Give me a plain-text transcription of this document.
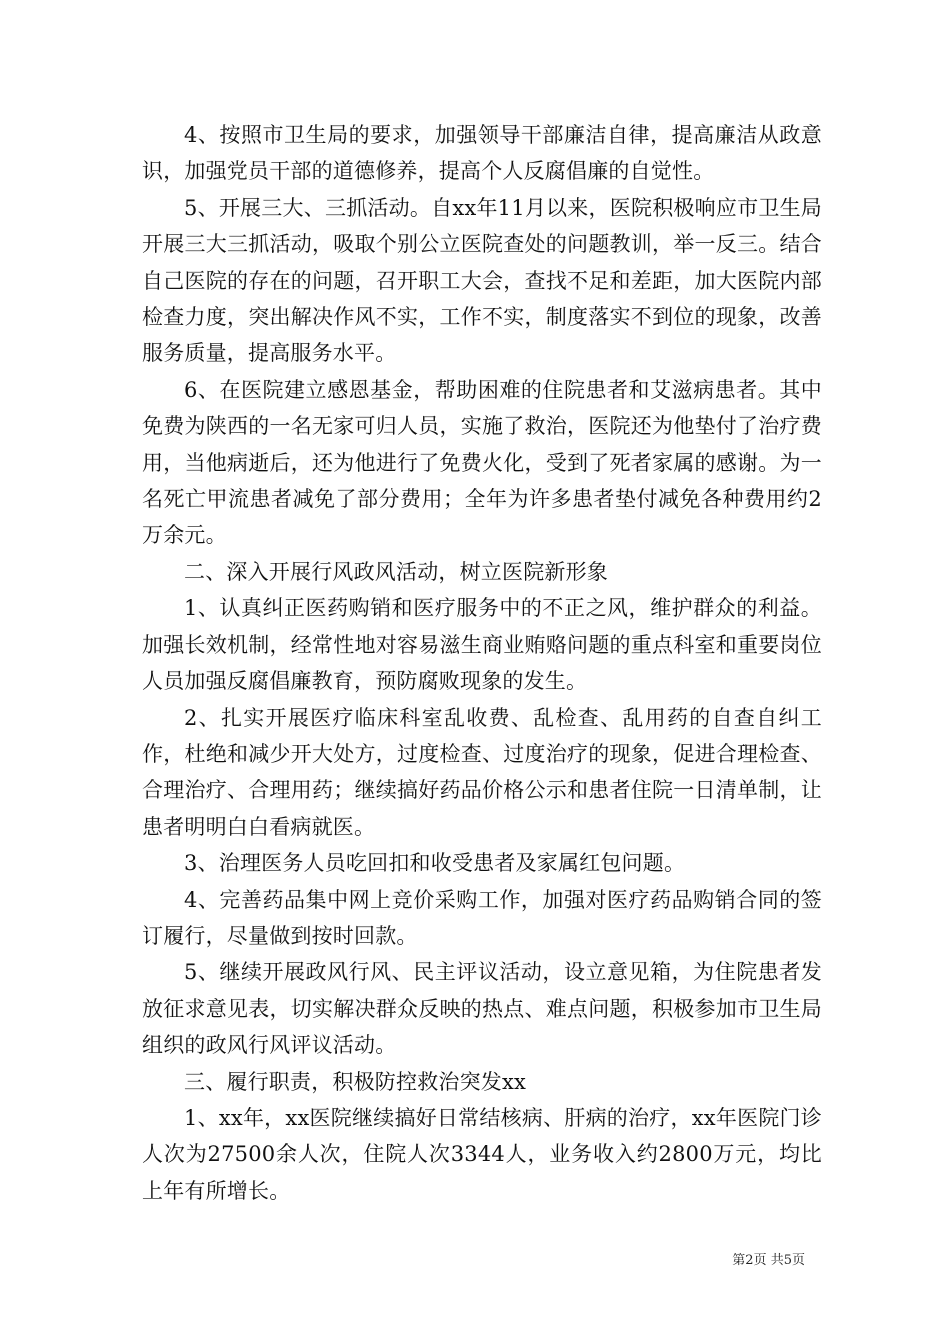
4、按照市卫生局的要求，加强领导干部廉洁自律，提高廉洁从政意识，加强党员干部的道德修养，提高个人反腐倡廉的自觉性。

5、开展三大、三抓活动。自xx年11月以来，医院积极响应市卫生局开展三大三抓活动，吸取个别公立医院查处的问题教训，举一反三。结合自己医院的存在的问题，召开职工大会，查找不足和差距，加大医院内部检查力度，突出解决作风不实，工作不实，制度落实不到位的现象，改善服务质量，提高服务水平。

6、在医院建立感恩基金，帮助困难的住院患者和艾滋病患者。其中免费为陕西的一名无家可归人员，实施了救治，医院还为他垫付了治疗费用，当他病逝后，还为他进行了免费火化，受到了死者家属的感谢。为一名死亡甲流患者减免了部分费用；全年为许多患者垫付减免各种费用约2万余元。

二、深入开展行风政风活动，树立医院新形象

1、认真纠正医药购销和医疗服务中的不正之风，维护群众的利益。加强长效机制，经常性地对容易滋生商业贿赂问题的重点科室和重要岗位人员加强反腐倡廉教育，预防腐败现象的发生。

2、扎实开展医疗临床科室乱收费、乱检查、乱用药的自查自纠工作，杜绝和减少开大处方，过度检查、过度治疗的现象，促进合理检查、合理治疗、合理用药；继续搞好药品价格公示和患者住院一日清单制，让患者明明白白看病就医。

3、治理医务人员吃回扣和收受患者及家属红包问题。

4、完善药品集中网上竞价采购工作，加强对医疗药品购销合同的签订履行，尽量做到按时回款。

5、继续开展政风行风、民主评议活动，设立意见箱，为住院患者发放征求意见表，切实解决群众反映的热点、难点问题，积极参加市卫生局组织的政风行风评议活动。

三、履行职责，积极防控救治突发xx

1、xx年，xx医院继续搞好日常结核病、肝病的治疗，xx年医院门诊人次为27500余人次，住院人次3344人，业务收入约2800万元，均比上年有所增长。

第2页 共5页
